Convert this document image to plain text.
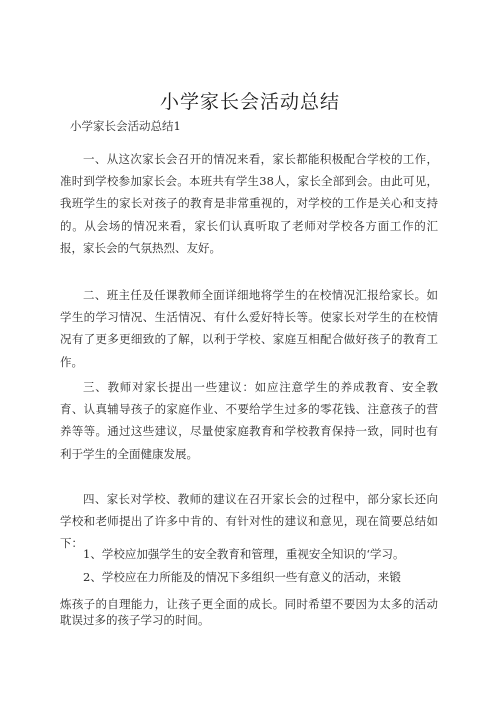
小学家长会活动总结
小学家长会活动总结1
一、从这次家长会召开的情况来看，家长都能积极配合学校的工作，准时到学校参加家长会。本班共有学生38人，家长全部到会。由此可见，我班学生的家长对孩子的教育是非常重视的，对学校的工作是关心和支持的。从会场的情况来看，家长们认真听取了老师对学校各方面工作的汇报，家长会的气氛热烈、友好。
二、班主任及任课教师全面详细地将学生的在校情况汇报给家长。如学生的学习情况、生活情况、有什么爱好特长等。使家长对学生的在校情况有了更多更细致的了解，以利于学校、家庭互相配合做好孩子的教育工作。
三、教师对家长提出一些建议：如应注意学生的养成教育、安全教育、认真辅导孩子的家庭作业、不要给学生过多的零花钱、注意孩子的营养等等。通过这些建议，尽量使家庭教育和学校教育保持一致，同时也有利于学生的全面健康发展。
四、家长对学校、教师的建议在召开家长会的过程中，部分家长还向学校和老师提出了许多中肯的、有针对性的建议和意见，现在简要总结如下：
1、学校应加强学生的安全教育和管理，重视安全知识的‘学习。
2、学校应在力所能及的情况下多组织一些有意义的活动，来锻
炼孩子的自理能力，让孩子更全面的成长。同时希望不要因为太多的活动耽误过多的孩子学习的时间。
